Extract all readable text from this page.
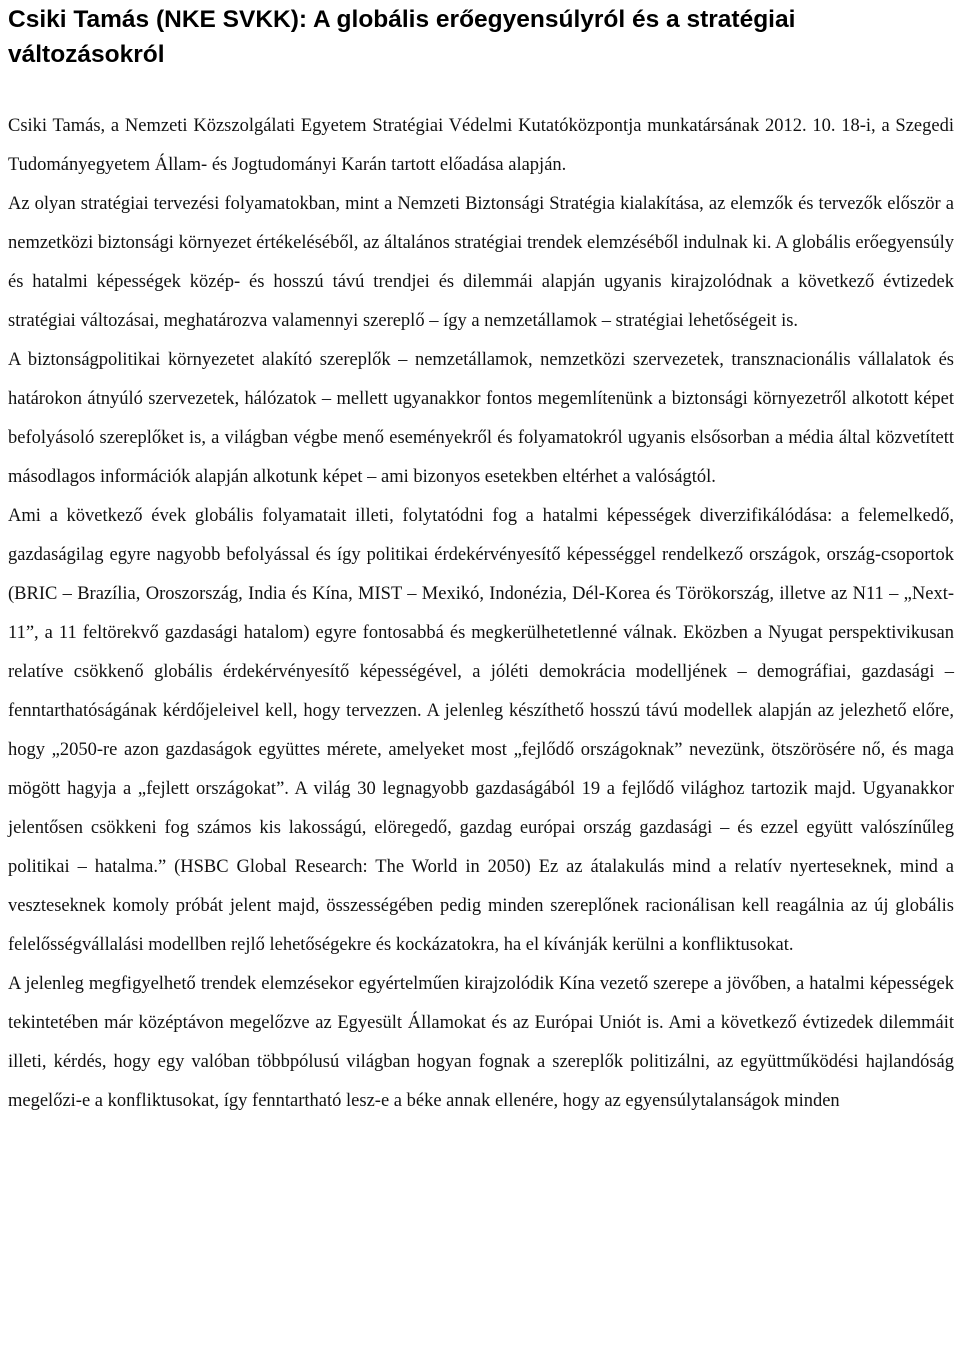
Csiki Tamás (NKE SVKK): A globális erőegyensúlyról és a stratégiai változásokról

Csiki Tamás, a Nemzeti Közszolgálati Egyetem Stratégiai Védelmi Kutatóközpontja munkatársának 2012. 10. 18-i, a Szegedi Tudományegyetem Állam- és Jogtudományi Karán tartott előadása alapján.

Az olyan stratégiai tervezési folyamatokban, mint a Nemzeti Biztonsági Stratégia kialakítása, az elemzők és tervezők először a nemzetközi biztonsági környezet értékeléséből, az általános stratégiai trendek elemzéséből indulnak ki. A globális erőegyensúly és hatalmi képességek közép- és hosszú távú trendjei és dilemmái alapján ugyanis kirajzolódnak a következő évtizedek stratégiai változásai, meghatározva valamennyi szereplő – így a nemzetállamok – stratégiai lehetőségeit is.

A biztonságpolitikai környezetet alakító szereplők – nemzetállamok, nemzetközi szervezetek, transznacionális vállalatok és határokon átnyúló szervezetek, hálózatok – mellett ugyanakkor fontos megemlítenünk a biztonsági környezetről alkotott képet befolyásoló szereplőket is, a világban végbe menő eseményekről és folyamatokról ugyanis elsősorban a média által közvetített másodlagos információk alapján alkotunk képet – ami bizonyos esetekben eltérhet a valóságtól.

Ami a következő évek globális folyamatait illeti, folytatódni fog a hatalmi képességek diverzifikálódása: a felemelkedő, gazdaságilag egyre nagyobb befolyással és így politikai érdekérvényesítő képességgel rendelkező országok, ország-csoportok (BRIC – Brazília, Oroszország, India és Kína, MIST – Mexikó, Indonézia, Dél-Korea és Törökország, illetve az N11 – „Next-11”, a 11 feltörekvő gazdasági hatalom) egyre fontosabbá és megkerülhetetlenné válnak. Eközben a Nyugat perspektivikusan relatíve csökkenő globális érdekérvényesítő képességével, a jóléti demokrácia modelljének – demográfiai, gazdasági – fenntarthatóságának kérdőjeleivel kell, hogy tervezzen. A jelenleg készíthető hosszú távú modellek alapján az jelezhető előre, hogy „2050-re azon gazdaságok együttes mérete, amelyeket most „fejlődő országoknak” nevezünk, ötszörösére nő, és maga mögött hagyja a „fejlett országokat”. A világ 30 legnagyobb gazdaságából 19 a fejlődő világhoz tartozik majd. Ugyanakkor jelentősen csökkeni fog számos kis lakosságú, elöregedő, gazdag európai ország gazdasági – és ezzel együtt valószínűleg politikai – hatalma.” (HSBC Global Research: The World in 2050) Ez az átalakulás mind a relatív nyerteseknek, mind a veszteseknek komoly próbát jelent majd, összességében pedig minden szereplőnek racionálisan kell reagálnia az új globális felelősségvállalási modellben rejlő lehetőségekre és kockázatokra, ha el kívánják kerülni a konfliktusokat.

A jelenleg megfigyelhető trendek elemzésekor egyértelműen kirajzolódik Kína vezető szerepe a jövőben, a hatalmi képességek tekintetében már középtávon megelőzve az Egyesült Államokat és az Európai Uniót is. Ami a következő évtizedek dilemmáit illeti, kérdés, hogy egy valóban többpólusú világban hogyan fognak a szereplők politizálni, az együttműködési hajlandóság megelőzi-e a konfliktusokat, így fenntartható lesz-e a béke annak ellenére, hogy az egyensúlytalanságok minden
